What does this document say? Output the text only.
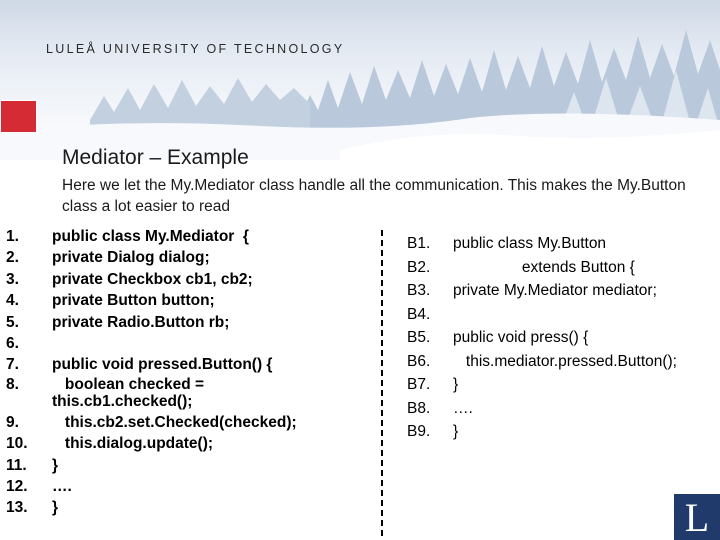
LULEÅ UNIVERSITY OF TECHNOLOGY
Mediator – Example
Here we let the My.Mediator class handle all the communication. This makes the My.Button class a lot easier to read
1. public class My.Mediator  {
2. private Dialog dialog;
3. private Checkbox cb1, cb2;
4. private Button button;
5. private Radio.Button rb;
6.
7. public void pressed.Button() {
8.	boolean checked =
this.cb1.checked();
9.   this.cb2.set.Checked(checked);
10.   this.dialog.update();
11. }
12. ….
13. }
B1. public class My.Button
B2.                extends Button {
B3. private My.Mediator mediator;
B4.
B5. public void press() {
B6.   this.mediator.pressed.Button();
B7. }
B8. ….
B9. }
L
